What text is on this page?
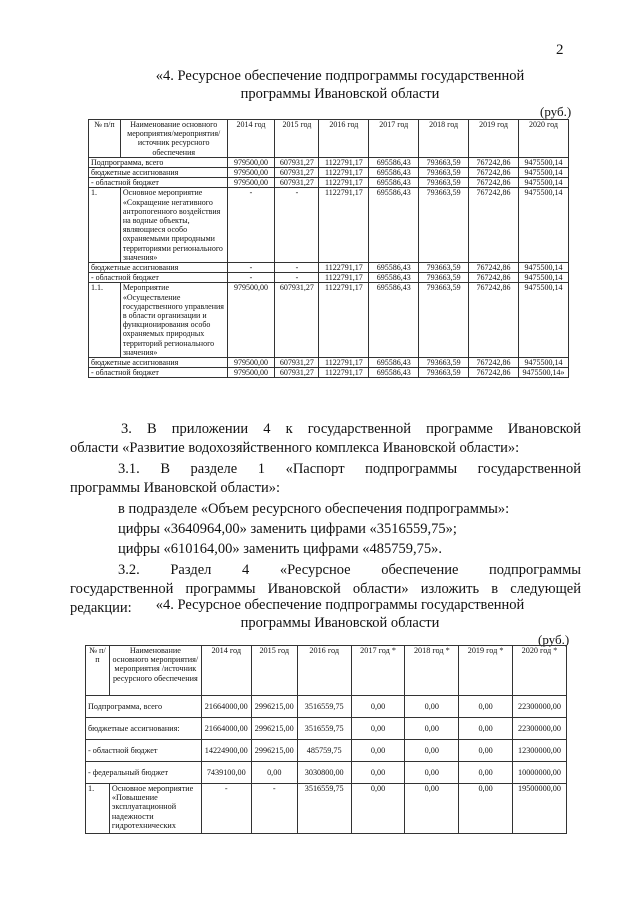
2
«4. Ресурсное обеспечение подпрограммы государственной
программы Ивановской области
(руб.)
№ п/п	Наименование основного мероприятия/мероприятия/ источник ресурсного обеспечения	2014 год	2015 год	2016 год	2017 год	2018 год	2019 год	2020 год
Подпрограмма, всего		979500,00	607931,27	1122791,17	695586,43	793663,59	767242,86	9475500,14
бюджетные ассигнования		979500,00	607931,27	1122791,17	695586,43	793663,59	767242,86	9475500,14
- областной бюджет		979500,00	607931,27	1122791,17	695586,43	793663,59	767242,86	9475500,14
1.	Основное мероприятие «Сокращение негативного антропогенного воздействия на водные объекты, являющиеся особо охраняемыми природными территориями регионального значения»	-	-	1122791,17	695586,43	793663,59	767242,86	9475500,14
бюджетные ассигнования		-	-	1122791,17	695586,43	793663,59	767242,86	9475500,14
- областной бюджет		-	-	1122791,17	695586,43	793663,59	767242,86	9475500,14
1.1.	Мероприятие «Осуществление государственного управления в области организации и функционирования особо охраняемых природных территорий регионального значения»	979500,00	607931,27	1122791,17	695586,43	793663,59	767242,86	9475500,14
бюджетные ассигнования		979500,00	607931,27	1122791,17	695586,43	793663,59	767242,86	9475500,14
- областной бюджет		979500,00	607931,27	1122791,17	695586,43	793663,59	767242,86	9475500,14»
3. В приложении 4 к государственной программе Ивановской
области «Развитие водохозяйственного комплекса Ивановской области»:
3.1. В разделе 1 «Паспорт подпрограммы государственной
программы Ивановской области»:
в подразделе «Объем ресурсного обеспечения подпрограммы»:
цифры «3640964,00» заменить цифрами «3516559,75»;
цифры «610164,00» заменить цифрами «485759,75».
3.2. Раздел 4 «Ресурсное обеспечение подпрограммы
государственной программы Ивановской области» изложить в следующей
редакции:	«4. Ресурсное обеспечение подпрограммы государственной
программы Ивановской области
(руб.)
№ п/п	Наименование основного мероприятия/мероприятия /источник ресурсного обеспечения	2014 год	2015 год	2016 год	2017 год *	2018 год *	2019 год *	2020 год *
Подпрограмма, всего		21664000,00	2996215,00	3516559,75	0,00	0,00	0,00	22300000,00
бюджетные ассигнования:		21664000,00	2996215,00	3516559,75	0,00	0,00	0,00	22300000,00
- областной бюджет		14224900,00	2996215,00	485759,75	0,00	0,00	0,00	12300000,00
- федеральный бюджет		7439100,00	0,00	3030800,00	0,00	0,00	0,00	10000000,00
1.	Основное мероприятие «Повышение эксплуатационной надежности гидротехнических	-	-	3516559,75	0,00	0,00	0,00	19500000,00
